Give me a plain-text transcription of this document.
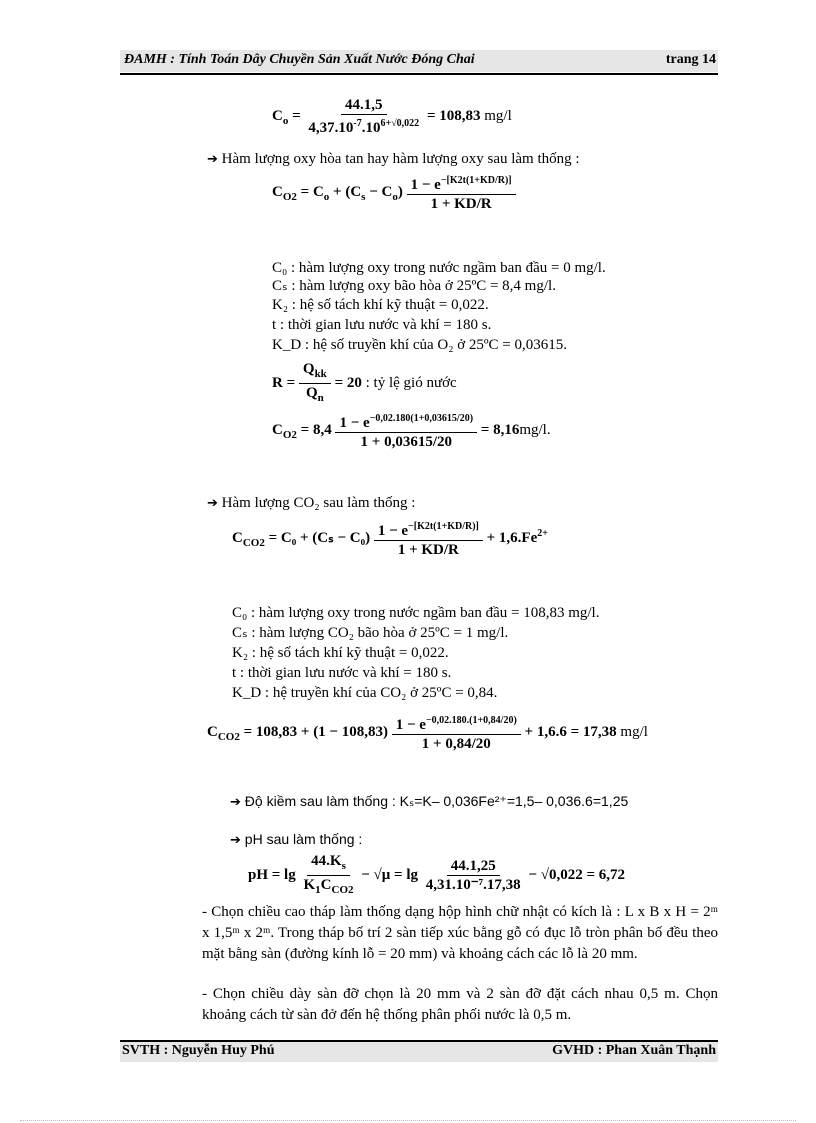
ĐAMH : Tính Toán Dây Chuyền Sản Xuất Nước Đóng Chai	trang 14
$C_o = \frac{44.1,5}{4,37.10^{-7}.10^{6+√0,022}} = 108,83$ mg/l
➔ Hàm lượng oxy hòa tan hay hàm lượng oxy sau làm thống :
$C_{O2} = C_o + (C_s - C_o) \frac{1 - e^{-[K2t(1+KD/R)]}}{1 + KD/R}$
C₀ : hàm lượng oxy trong nước ngầm ban đầu = 0 mg/l.
Cₛ : hàm lượng oxy bão hòa ở 25ºC = 8,4 mg/l.
K₂ : hệ số tách khí kỹ thuật = 0,022.
t : thời gian lưu nước và khí = 180 s.
K_D : hệ số truyền khí của O₂ ở 25ºC = 0,03615.
$R = \frac{Q_{kk}}{Q_n} = 20$ : tỷ lệ gió nước
$C_{O2} = 8,4 \frac{1 - e^{-0,02.180(1+0,03615/20)}}{1 + 0,03615/20} = 8,16mg/l$.
➔ Hàm lượng CO₂ sau làm thống :
$C_{CO2} = C_0 + (C_s - C_0) \frac{1 - e^{-[K2t(1+KD/R)]}}{1 + KD/R} + 1,6.Fe^{2+}$
C₀ : hàm lượng oxy trong nước ngầm ban đầu = 108,83 mg/l.
Cₛ : hàm lượng CO₂ bão hòa ở 25ºC = 1 mg/l.
K₂ : hệ số tách khí kỹ thuật = 0,022.
t : thời gian lưu nước và khí = 180 s.
K_D : hệ truyền khí của CO₂ ở 25ºC = 0,84.
$C_{CO2} = 108,83 + (1 - 108,83) \frac{1 - e^{-0,02.180.(1+0,84/20)}}{1 + 0,84/20} + 1,6.6 = 17,38$ mg/l
➔ Độ kiềm sau làm thống : Kₛ=K– 0,036Fe²⁺=1,5– 0,036.6=1,25
➔ pH sau làm thống :
pH = $\lg \frac{44.K_s}{K_1C_{CO2}} - √\mu = \lg \frac{44.1,25}{\text{4,31.10⁻⁷.17,38}} - √0,022 = 6,72$
- Chọn chiều cao tháp làm thống dạng hộp hình chữ nhật có kích là : L x B x H = 2ᵐ x 1,5ᵐ x 2ᵐ. Trong tháp bố trí 2 sàn tiếp xúc bằng gỗ có đục lỗ tròn phân bố đều theo mặt bằng sàn (đường kính lỗ = 20 mm) và khoảng cách các lỗ là 20 mm.
- Chọn chiều dày sàn đỡ chọn là 20 mm và 2 sàn đỡ đặt cách nhau 0,5 m. Chọn khoảng cách từ sàn đở đến hệ thống phân phối nước là 0,5 m.
SVTH : Nguyễn Huy Phú	GVHD : Phan Xuân Thạnh
